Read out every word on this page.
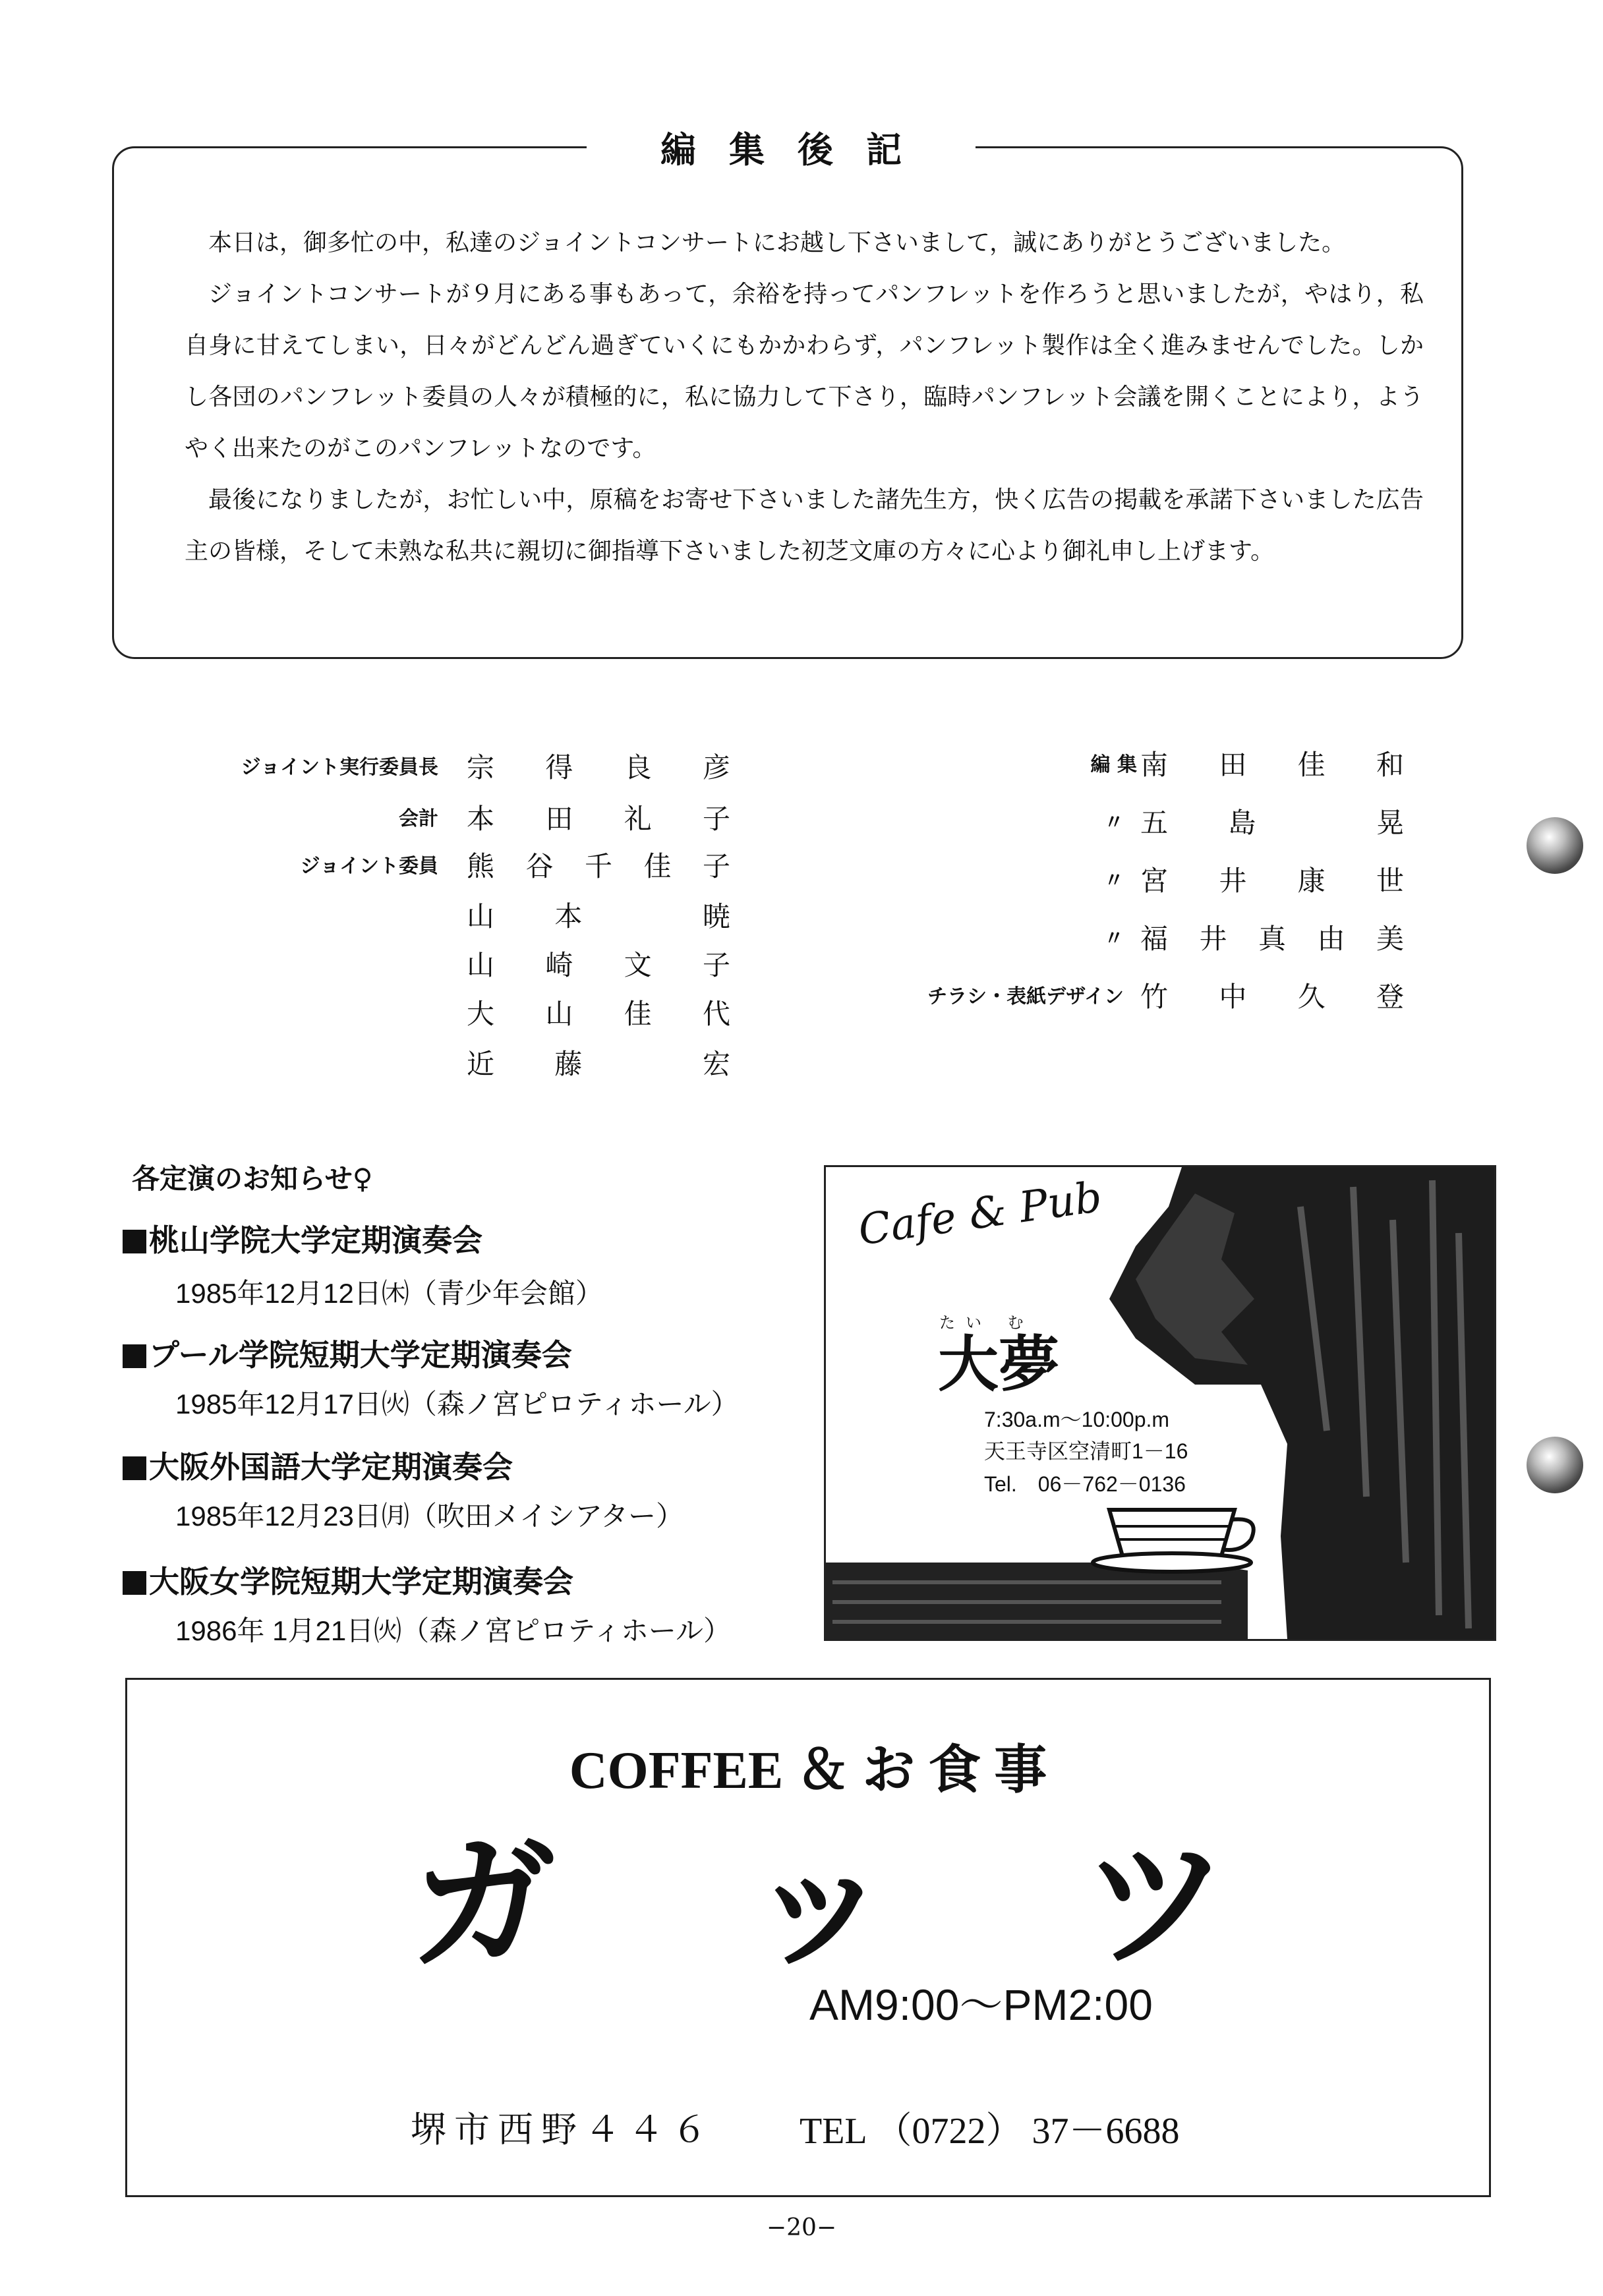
編集後記

本日は，御多忙の中，私達のジョイントコンサートにお越し下さいまして，誠にありがとうございました。

ジョイントコンサートが９月にある事もあって，余裕を持ってパンフレットを作ろうと思いましたが，やはり，私自身に甘えてしまい，日々がどんどん過ぎていくにもかかわらず，パンフレット製作は全く進みませんでした。しかし各団のパンフレット委員の人々が積極的に，私に協力して下さり，臨時パンフレット会議を開くことにより，ようやく出来たのがこのパンフレットなのです。

最後になりましたが，お忙しい中，原稿をお寄せ下さいました諸先生方，快く広告の掲載を承諾下さいました広告主の皆様，そして未熟な私共に親切に御指導下さいました初芝文庫の方々に心より御礼申し上げます。

ジョイント実行委員長 宗 得 良 彦
会計 本 田 礼 子
ジョイント委員 熊 谷 千 佳 子
山 本	暁
山 崎 文 子
大 山 佳 代
近 藤	宏
編 集 南 田 佳 和
〃 五 島	晃
〃 宮 井 康 世
〃 福 井 真 由 美
チラシ・表紙デザイン 竹 中 久 登
各定演のお知らせ♀
桃山学院大学定期演奏会
1985年12月12日㈭（青少年会館）
プール学院短期大学定期演奏会
1985年12月17日㈫（森ノ宮ピロティホール）
大阪外国語大学定期演奏会
1985年12月23日㈪（吹田メイシアター）
大阪女学院短期大学定期演奏会
1986年 1月21日㈫（森ノ宮ピロティホール）
Cafe & Pub
たい む
大夢
7:30a.m～10:00p.m
天王寺区空清町1－16
Tel.　06－762－0136
COFFEE ＆ お 食 事
ガ ッ ツ
AM9:00～PM2:00
堺市西野４４６ TEL （0722） 37－6688
−20−
